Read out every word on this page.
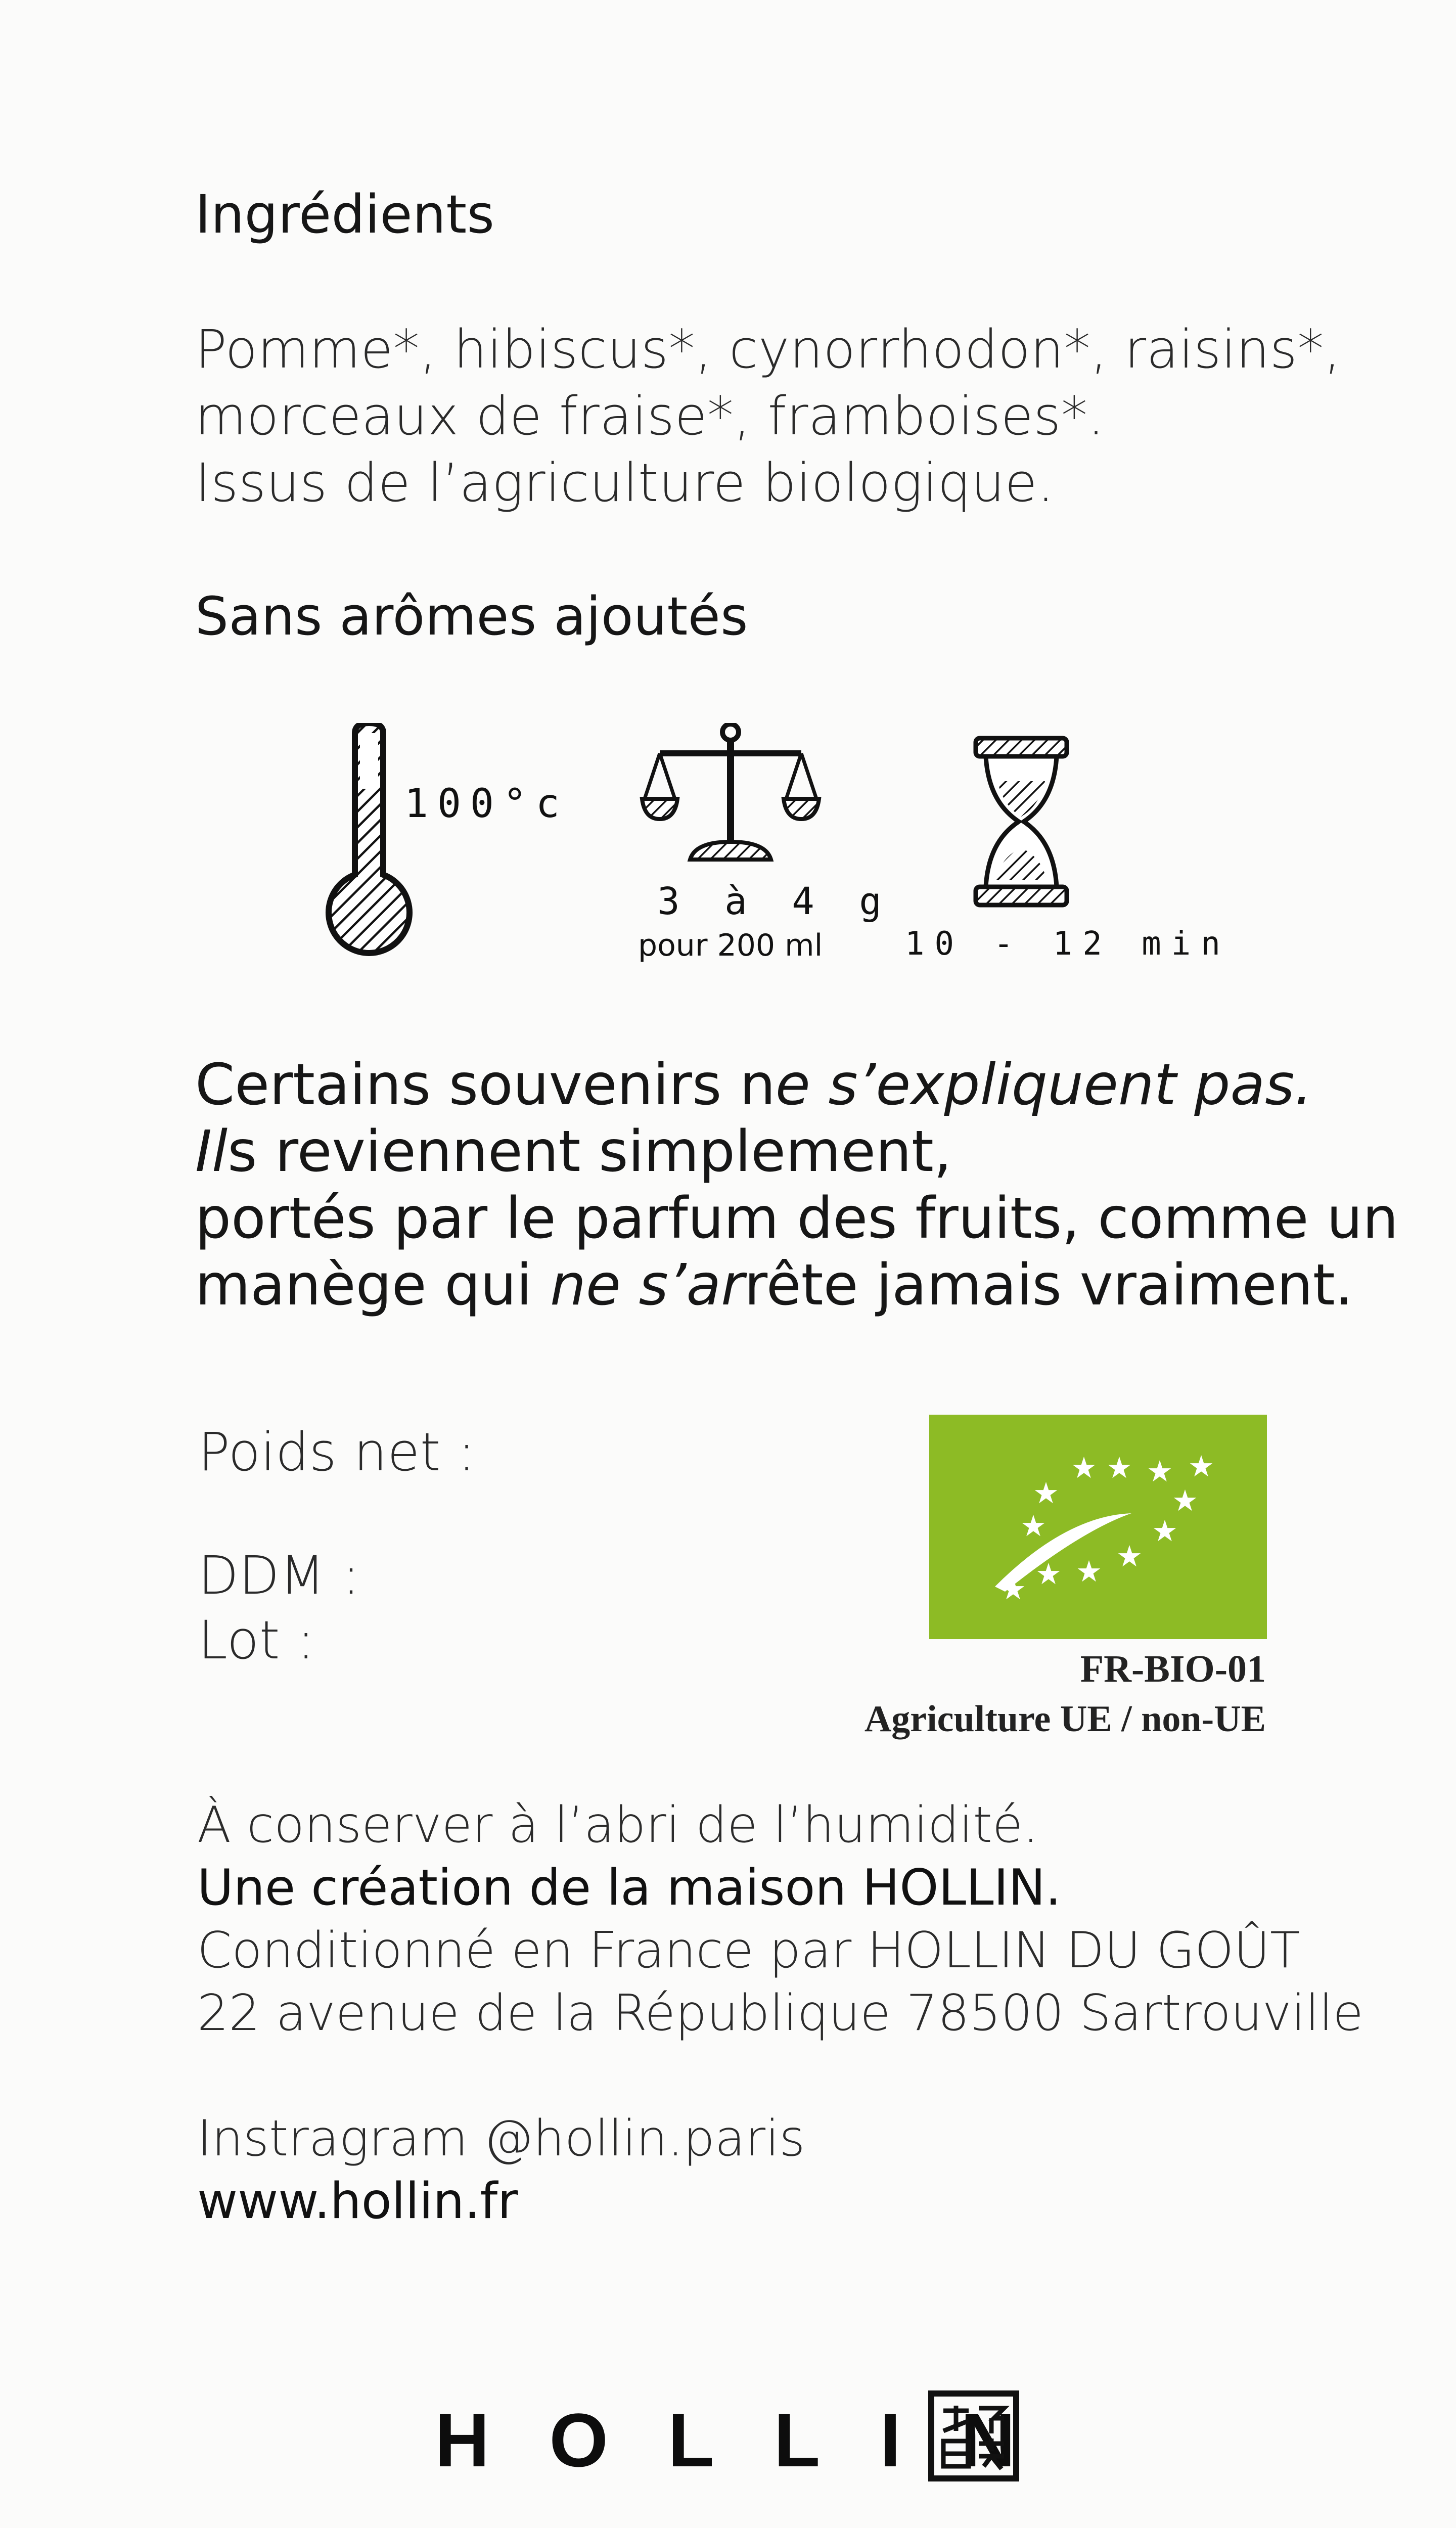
Ingrédients
Pomme*, hibiscus*, cynorrhodon*, raisins*,
morceaux de fraise*, framboises*.
Issus de l’agriculture biologique.
Sans arômes ajoutés
100°c
3 à 4 g
pour 200 ml	10 - 12 min
Certains souvenirs ne s’expliquent pas.
Ils reviennent simplement,
portés par le parfum des fruits, comme un
manège qui ne s’arrête jamais vraiment.
Poids net :
DDM :
Lot :
★ ★ ★ ★
★	★
★
★
★
★
★
★
FR-BIO-01
Agriculture UE / non-UE
À conserver à l’abri de l’humidité.
Une création de la maison HOLLIN.
Conditionné en France par HOLLIN DU GOÛT
22 avenue de la République 78500 Sartrouville
Instragram @hollin.paris
www.hollin.fr
HOLLIN
